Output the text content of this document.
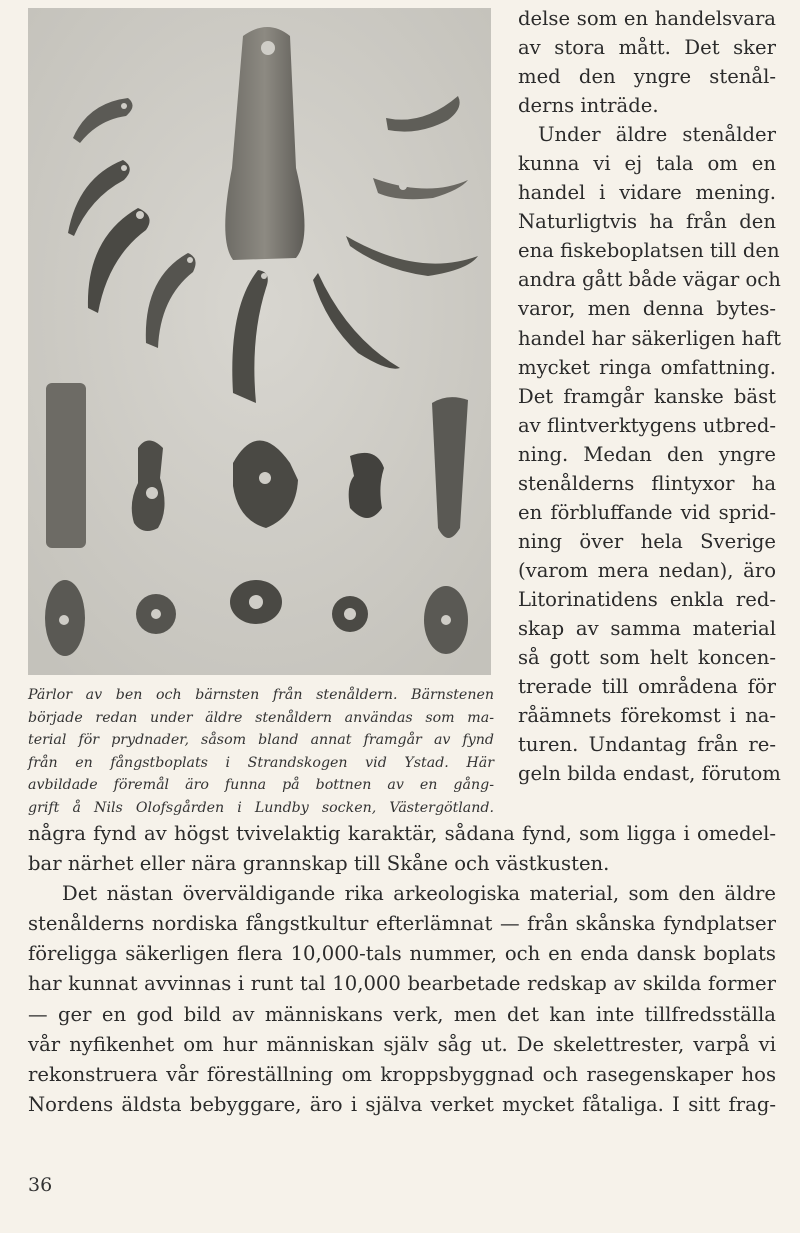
Pärlor av ben och bärnsten från stenåldern. Bärnstenen
började redan under äldre stenåldern användas som ma-
terial för prydnader, såsom bland annat framgår av fynd
från en fångstboplats i Strandskogen vid Ystad. Här
avbildade föremål äro funna på bottnen av en gång-
grift å Nils Olofsgården i Lundby socken, Västergötland.
delse som en handelsvara
av stora mått. Det sker
med den yngre stenål-
derns inträde.
Under äldre stenålder
kunna vi ej tala om en
handel i vidare mening.
Naturligtvis ha från den
ena fiskeboplatsen till den
andra gått både vägar och
varor, men denna bytes-
handel har säkerligen haft
mycket ringa omfattning.
Det framgår kanske bäst
av flintverktygens utbred-
ning. Medan den yngre
stenålderns flintyxor ha
en förbluffande vid sprid-
ning över hela Sverige
(varom mera nedan), äro
Litorinatidens enkla red-
skap av samma material
så gott som helt koncen-
trerade till områdena för
råämnets förekomst i na-
turen. Undantag från re-
geln bilda endast, förutom
några fynd av högst tvivelaktig karaktär, sådana fynd, som ligga i omedel-
bar närhet eller nära grannskap till Skåne och västkusten.
Det nästan överväldigande rika arkeologiska material, som den äldre
stenålderns nordiska fångstkultur efterlämnat — från skånska fyndplatser
föreligga säkerligen flera 10,000-tals nummer, och en enda dansk boplats
har kunnat avvinnas i runt tal 10,000 bearbetade redskap av skilda former
— ger en god bild av människans verk, men det kan inte tillfredsställa
vår nyfikenhet om hur människan själv såg ut. De skelettrester, varpå vi
rekonstruera vår föreställning om kroppsbyggnad och rasegenskaper hos
Nordens äldsta bebyggare, äro i själva verket mycket fåtaliga. I sitt frag-
36
